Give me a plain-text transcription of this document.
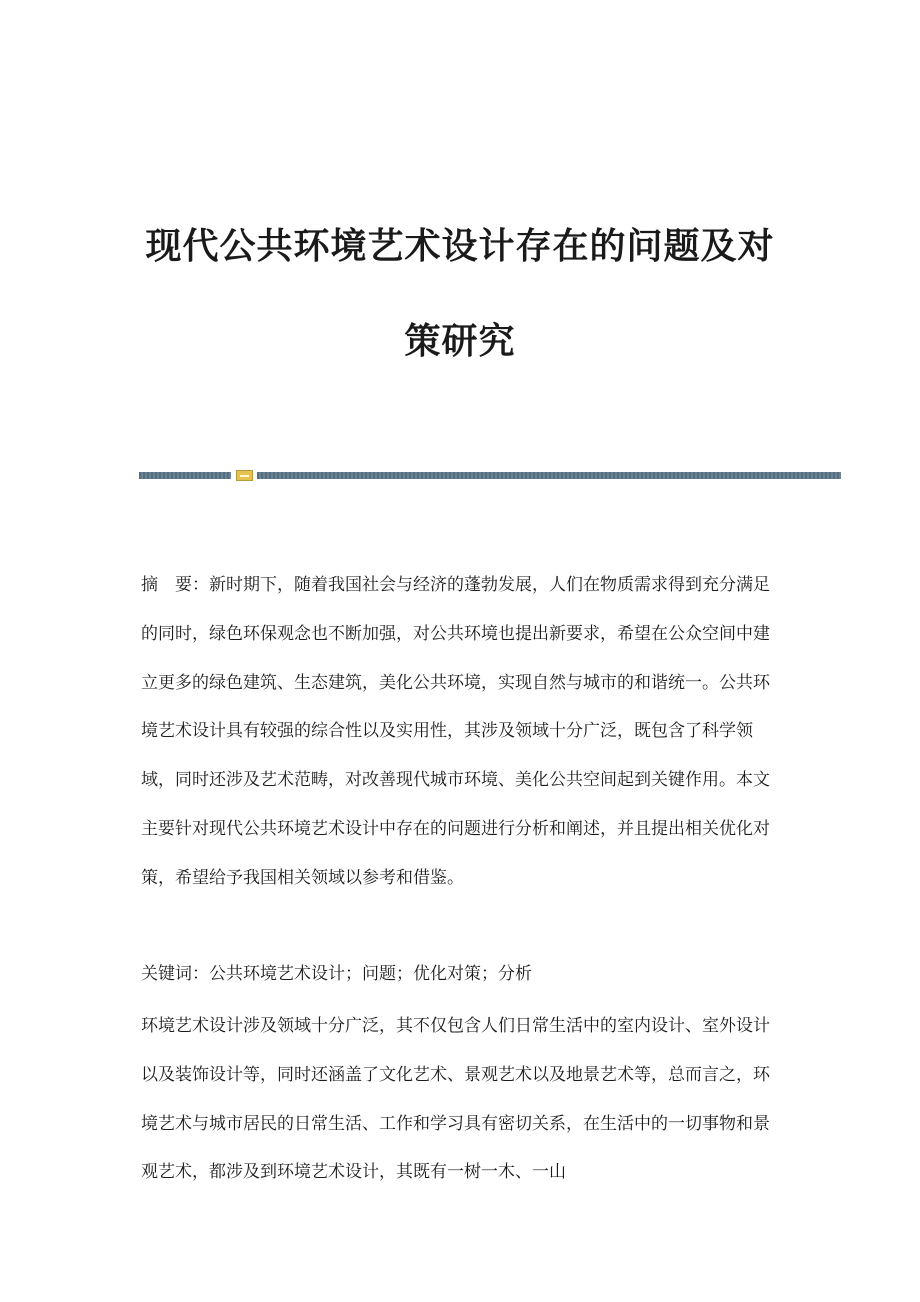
现代公共环境艺术设计存在的问题及对
策研究

摘　要：新时期下，随着我国社会与经济的蓬勃发展，人们在物质需求得到充分满足的同时，绿色环保观念也不断加强，对公共环境也提出新要求，希望在公众空间中建立更多的绿色建筑、生态建筑，美化公共环境，实现自然与城市的和谐统一。公共环境艺术设计具有较强的综合性以及实用性，其涉及领域十分广泛，既包含了科学领域，同时还涉及艺术范畴，对改善现代城市环境、美化公共空间起到关键作用。本文主要针对现代公共环境艺术设计中存在的问题进行分析和阐述，并且提出相关优化对策，希望给予我国相关领域以参考和借鉴。

关键词：公共环境艺术设计；问题；优化对策；分析

环境艺术设计涉及领域十分广泛，其不仅包含人们日常生活中的室内设计、室外设计以及装饰设计等，同时还涵盖了文化艺术、景观艺术以及地景艺术等，总而言之，环境艺术与城市居民的日常生活、工作和学习具有密切关系，在生活中的一切事物和景观艺术，都涉及到环境艺术设计，其既有一树一木、一山
